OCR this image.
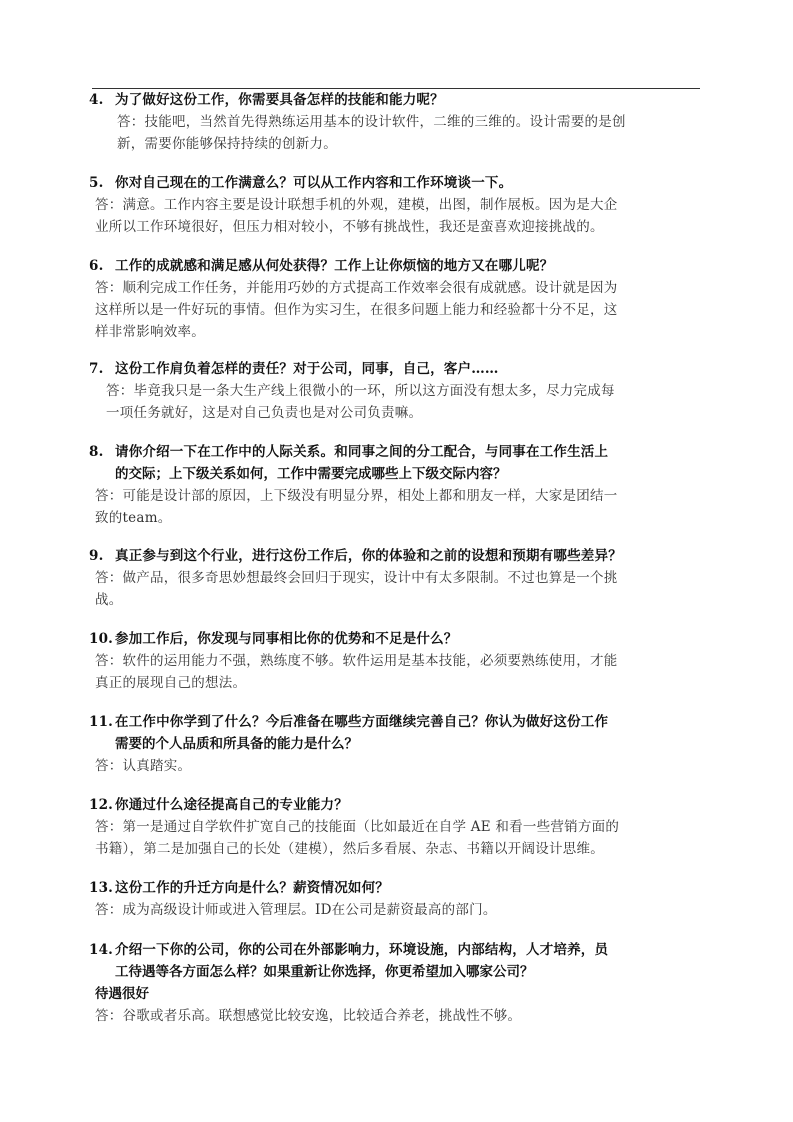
4. 为了做好这份工作，你需要具备怎样的技能和能力呢？
答：技能吧，当然首先得熟练运用基本的设计软件，二维的三维的。设计需要的是创
新，需要你能够保持持续的创新力。
5. 你对自己现在的工作满意么？可以从工作内容和工作环境谈一下。
答：满意。工作内容主要是设计联想手机的外观，建模，出图，制作展板。因为是大企
业所以工作环境很好，但压力相对较小，不够有挑战性，我还是蛮喜欢迎接挑战的。
6. 工作的成就感和满足感从何处获得？工作上让你烦恼的地方又在哪儿呢？
答：顺利完成工作任务，并能用巧妙的方式提高工作效率会很有成就感。设计就是因为
这样所以是一件好玩的事情。但作为实习生，在很多问题上能力和经验都十分不足，这
样非常影响效率。
7. 这份工作肩负着怎样的责任？对于公司，同事，自己，客户……
答：毕竟我只是一条大生产线上很微小的一环，所以这方面没有想太多，尽力完成每
一项任务就好，这是对自己负责也是对公司负责嘛。
8. 请你介绍一下在工作中的人际关系。和同事之间的分工配合，与同事在工作生活上
的交际；上下级关系如何，工作中需要完成哪些上下级交际内容？
答：可能是设计部的原因，上下级没有明显分界，相处上都和朋友一样，大家是团结一
致的team。
9. 真正参与到这个行业，进行这份工作后，你的体验和之前的设想和预期有哪些差异？
答：做产品，很多奇思妙想最终会回归于现实，设计中有太多限制。不过也算是一个挑
战。
10. 参加工作后，你发现与同事相比你的优势和不足是什么？
答：软件的运用能力不强，熟练度不够。软件运用是基本技能，必须要熟练使用，才能
真正的展现自己的想法。
11. 在工作中你学到了什么？今后准备在哪些方面继续完善自己？你认为做好这份工作
需要的个人品质和所具备的能力是什么？
答：认真踏实。
12. 你通过什么途径提高自己的专业能力？
答：第一是通过自学软件扩宽自己的技能面（比如最近在自学 AE 和看一些营销方面的
书籍），第二是加强自己的长处（建模），然后多看展、杂志、书籍以开阔设计思维。
13. 这份工作的升迁方向是什么？薪资情况如何？
答：成为高级设计师或进入管理层。ID在公司是薪资最高的部门。
14. 介绍一下你的公司，你的公司在外部影响力，环境设施，内部结构，人才培养，员
工待遇等各方面怎么样？如果重新让你选择，你更希望加入哪家公司？
待遇很好
答：谷歌或者乐高。联想感觉比较安逸，比较适合养老，挑战性不够。
